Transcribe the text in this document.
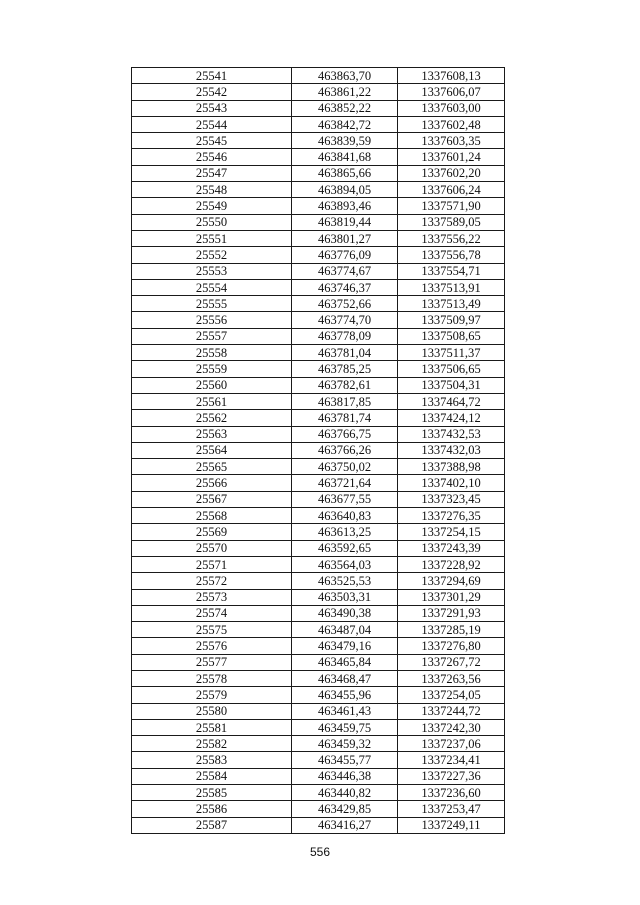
25541	463863,70	1337608,13
25542	463861,22	1337606,07
25543	463852,22	1337603,00
25544	463842,72	1337602,48
25545	463839,59	1337603,35
25546	463841,68	1337601,24
25547	463865,66	1337602,20
25548	463894,05	1337606,24
25549	463893,46	1337571,90
25550	463819,44	1337589,05
25551	463801,27	1337556,22
25552	463776,09	1337556,78
25553	463774,67	1337554,71
25554	463746,37	1337513,91
25555	463752,66	1337513,49
25556	463774,70	1337509,97
25557	463778,09	1337508,65
25558	463781,04	1337511,37
25559	463785,25	1337506,65
25560	463782,61	1337504,31
25561	463817,85	1337464,72
25562	463781,74	1337424,12
25563	463766,75	1337432,53
25564	463766,26	1337432,03
25565	463750,02	1337388,98
25566	463721,64	1337402,10
25567	463677,55	1337323,45
25568	463640,83	1337276,35
25569	463613,25	1337254,15
25570	463592,65	1337243,39
25571	463564,03	1337228,92
25572	463525,53	1337294,69
25573	463503,31	1337301,29
25574	463490,38	1337291,93
25575	463487,04	1337285,19
25576	463479,16	1337276,80
25577	463465,84	1337267,72
25578	463468,47	1337263,56
25579	463455,96	1337254,05
25580	463461,43	1337244,72
25581	463459,75	1337242,30
25582	463459,32	1337237,06
25583	463455,77	1337234,41
25584	463446,38	1337227,36
25585	463440,82	1337236,60
25586	463429,85	1337253,47
25587	463416,27	1337249,11
556
